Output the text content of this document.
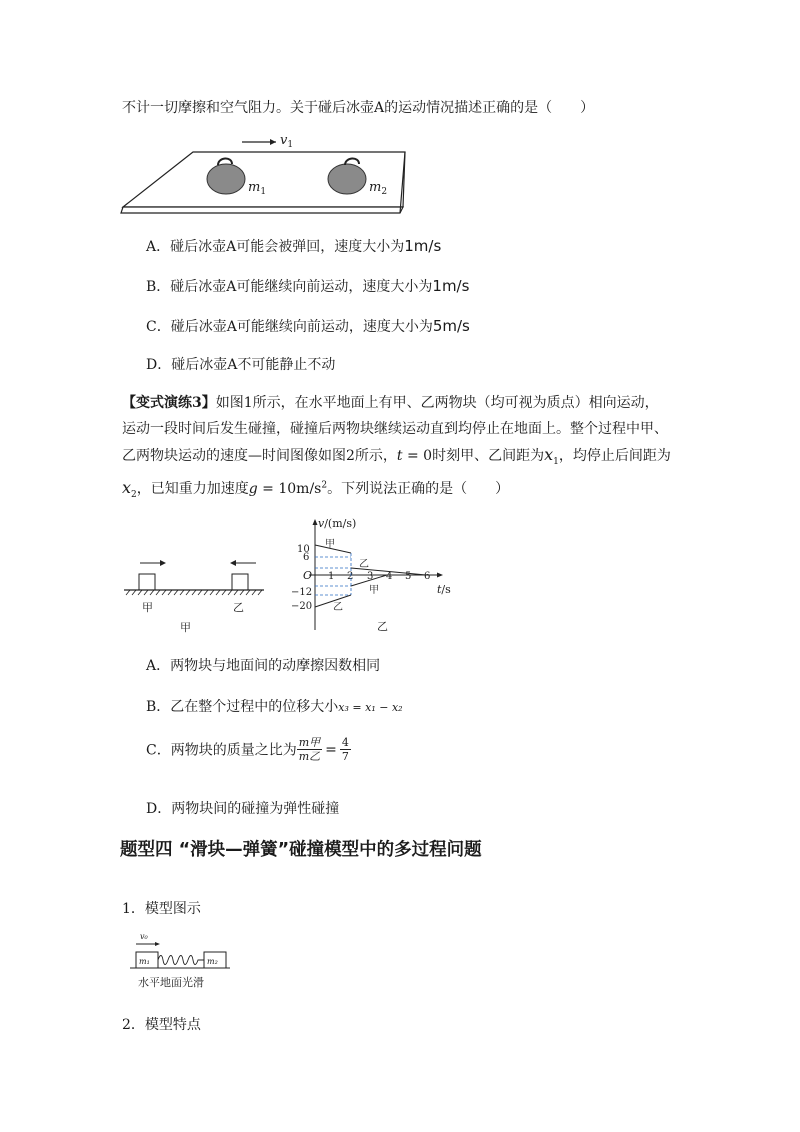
不计一切摩擦和空气阻力。关于碰后冰壶A的运动情况描述正确的是（　　）
$v_1$
$m_1$	$m_2$
A．碰后冰壶A可能会被弹回，速度大小为1m/s
B．碰后冰壶A可能继续向前运动，速度大小为1m/s
C．碰后冰壶A可能继续向前运动，速度大小为5m/s
D．碰后冰壶A不可能静止不动
【变式演练3】如图1所示，在水平地面上有甲、乙两物块（均可视为质点）相向运动，
运动一段时间后发生碰撞，碰撞后两物块继续运动直到均停止在地面上。整个过程中甲、
乙两物块运动的速度—时间图像如图2所示，t = 0时刻甲、乙间距为$x_1$，均停止后间距为
$x_2$，已知重力加速度$g = 10m/s^2$。下列说法正确的是（　　）
甲	乙
甲
v/(m/s)
t/s
O
10
6
−12
−20
1 2 3 4 5 6
甲
乙
甲
乙
乙
A．两物块与地面间的动摩擦因数相同
B．乙在整个过程中的位移大小x₃ = x₁ − x₂
C．两物块的质量之比为 $\frac{\text{m甲}}{\text{m乙}} = \frac{4}{7}$
D．两物块间的碰撞为弹性碰撞
题型四 “滑块—弹簧”碰撞模型中的多过程问题
1．模型图示
v₀
m₁	m₂
水平地面光滑
2．模型特点
